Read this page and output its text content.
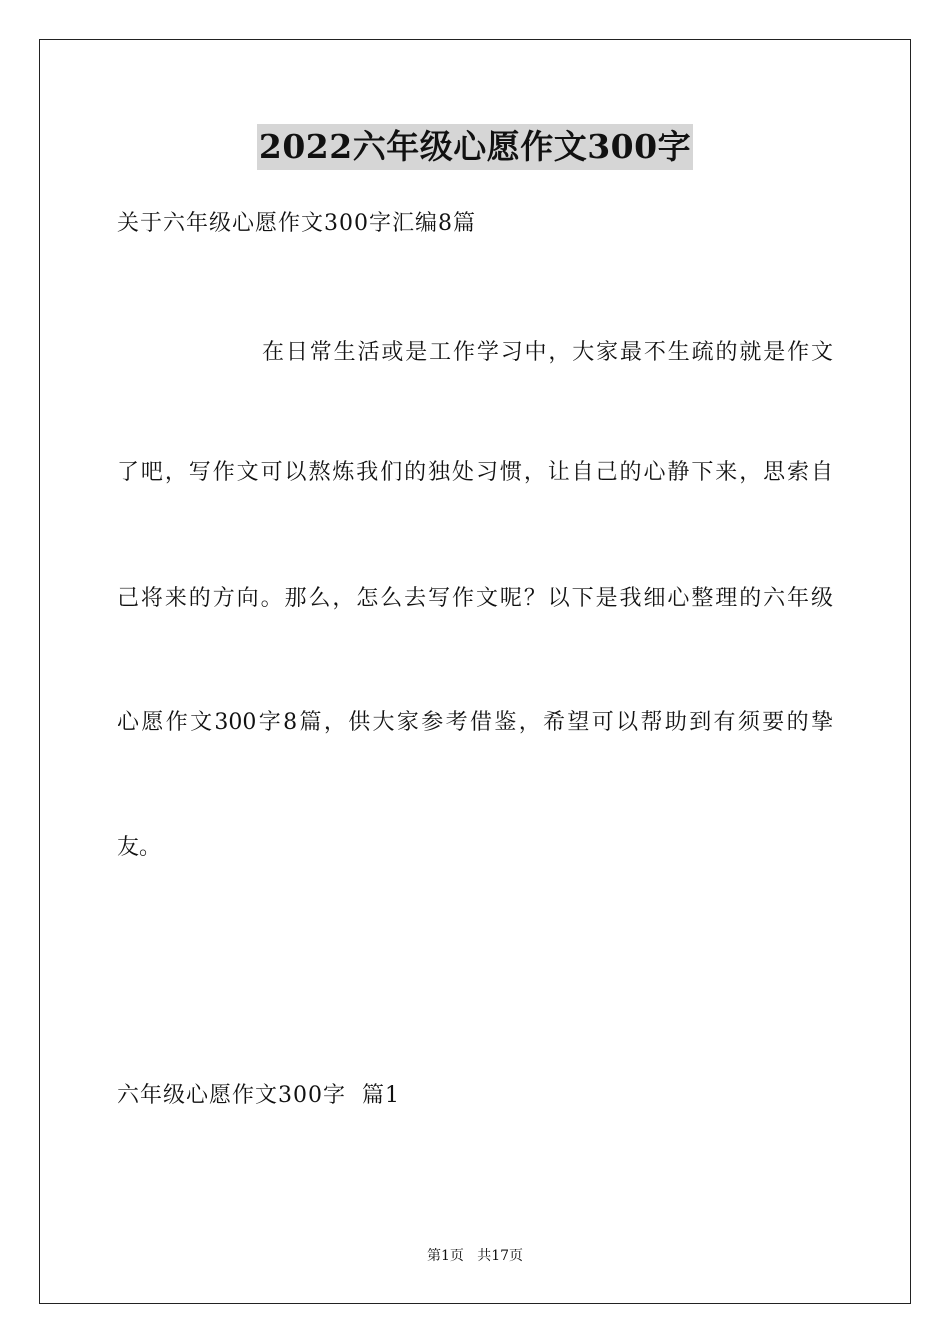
2022六年级心愿作文300字
关于六年级心愿作文300字汇编8篇
在日常生活或是工作学习中，大家最不生疏的就是作文
了吧，写作文可以熬炼我们的独处习惯，让自己的心静下来，思索自
己将来的方向。那么，怎么去写作文呢？以下是我细心整理的六年级
心愿作文300字8篇，供大家参考借鉴，希望可以帮助到有须要的挚
友。
六年级心愿作文300字  篇1
第1页   共17页
